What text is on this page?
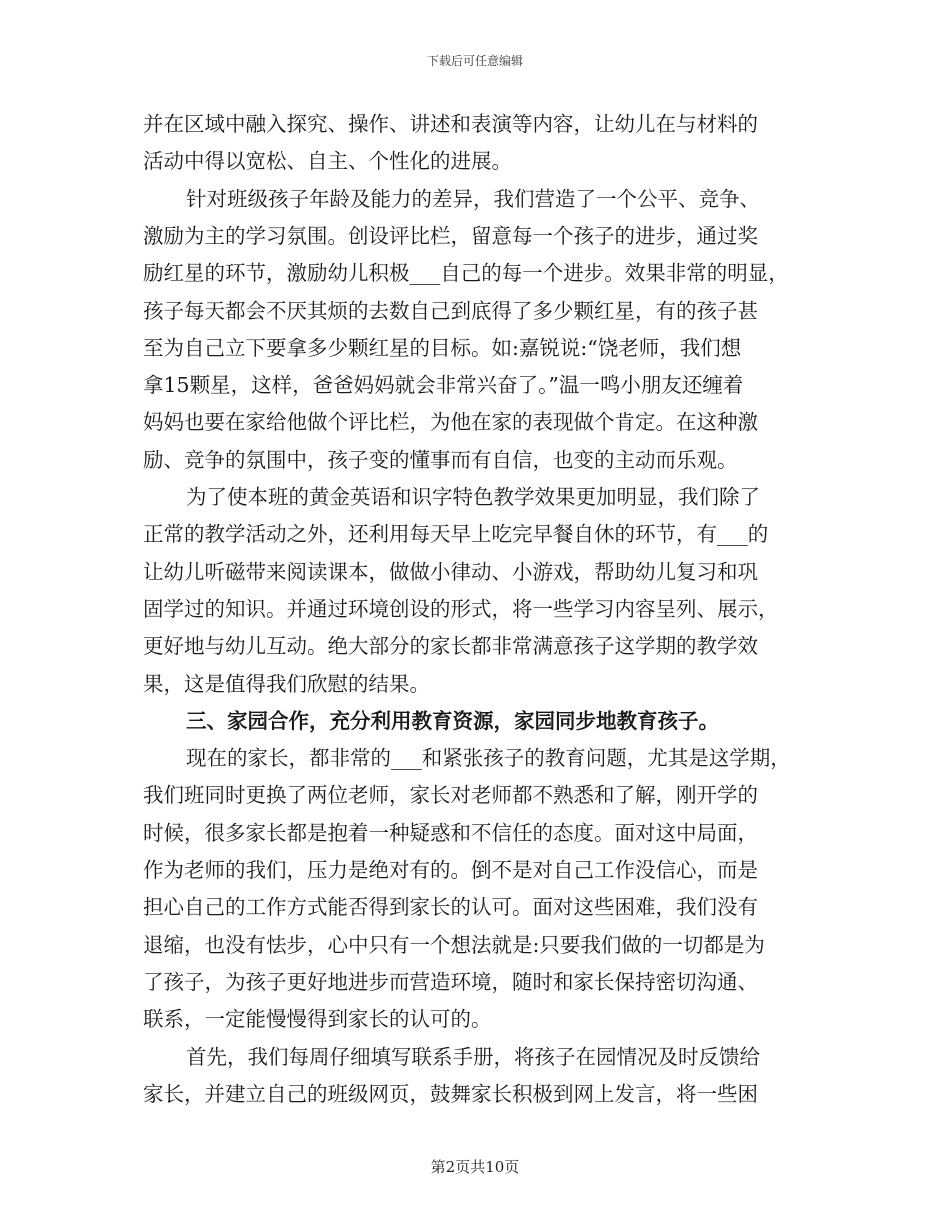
下载后可任意编辑
并在区域中融入探究、操作、讲述和表演等内容，让幼儿在与材料的
活动中得以宽松、自主、个性化的进展。
针对班级孩子年龄及能力的差异，我们营造了一个公平、竞争、
激励为主的学习氛围。创设评比栏，留意每一个孩子的进步，通过奖
励红星的环节，激励幼儿积极___自己的每一个进步。效果非常的明显，
孩子每天都会不厌其烦的去数自己到底得了多少颗红星，有的孩子甚
至为自己立下要拿多少颗红星的目标。如:嘉锐说:“饶老师，我们想
拿15颗星，这样，爸爸妈妈就会非常兴奋了。”温一鸣小朋友还缠着
妈妈也要在家给他做个评比栏，为他在家的表现做个肯定。在这种激
励、竞争的氛围中，孩子变的懂事而有自信，也变的主动而乐观。
为了使本班的黄金英语和识字特色教学效果更加明显，我们除了
正常的教学活动之外，还利用每天早上吃完早餐自休的环节，有___的
让幼儿听磁带来阅读课本，做做小律动、小游戏，帮助幼儿复习和巩
固学过的知识。并通过环境创设的形式，将一些学习内容呈列、展示，
更好地与幼儿互动。绝大部分的家长都非常满意孩子这学期的教学效
果，这是值得我们欣慰的结果。
三、家园合作，充分利用教育资源，家园同步地教育孩子。
现在的家长，都非常的___和紧张孩子的教育问题，尤其是这学期，
我们班同时更换了两位老师，家长对老师都不熟悉和了解，刚开学的
时候，很多家长都是抱着一种疑惑和不信任的态度。面对这中局面，
作为老师的我们，压力是绝对有的。倒不是对自己工作没信心，而是
担心自己的工作方式能否得到家长的认可。面对这些困难，我们没有
退缩，也没有怯步，心中只有一个想法就是:只要我们做的一切都是为
了孩子，为孩子更好地进步而营造环境，随时和家长保持密切沟通、
联系，一定能慢慢得到家长的认可的。
首先，我们每周仔细填写联系手册，将孩子在园情况及时反馈给
家长，并建立自己的班级网页，鼓舞家长积极到网上发言，将一些困
第2页共10页
